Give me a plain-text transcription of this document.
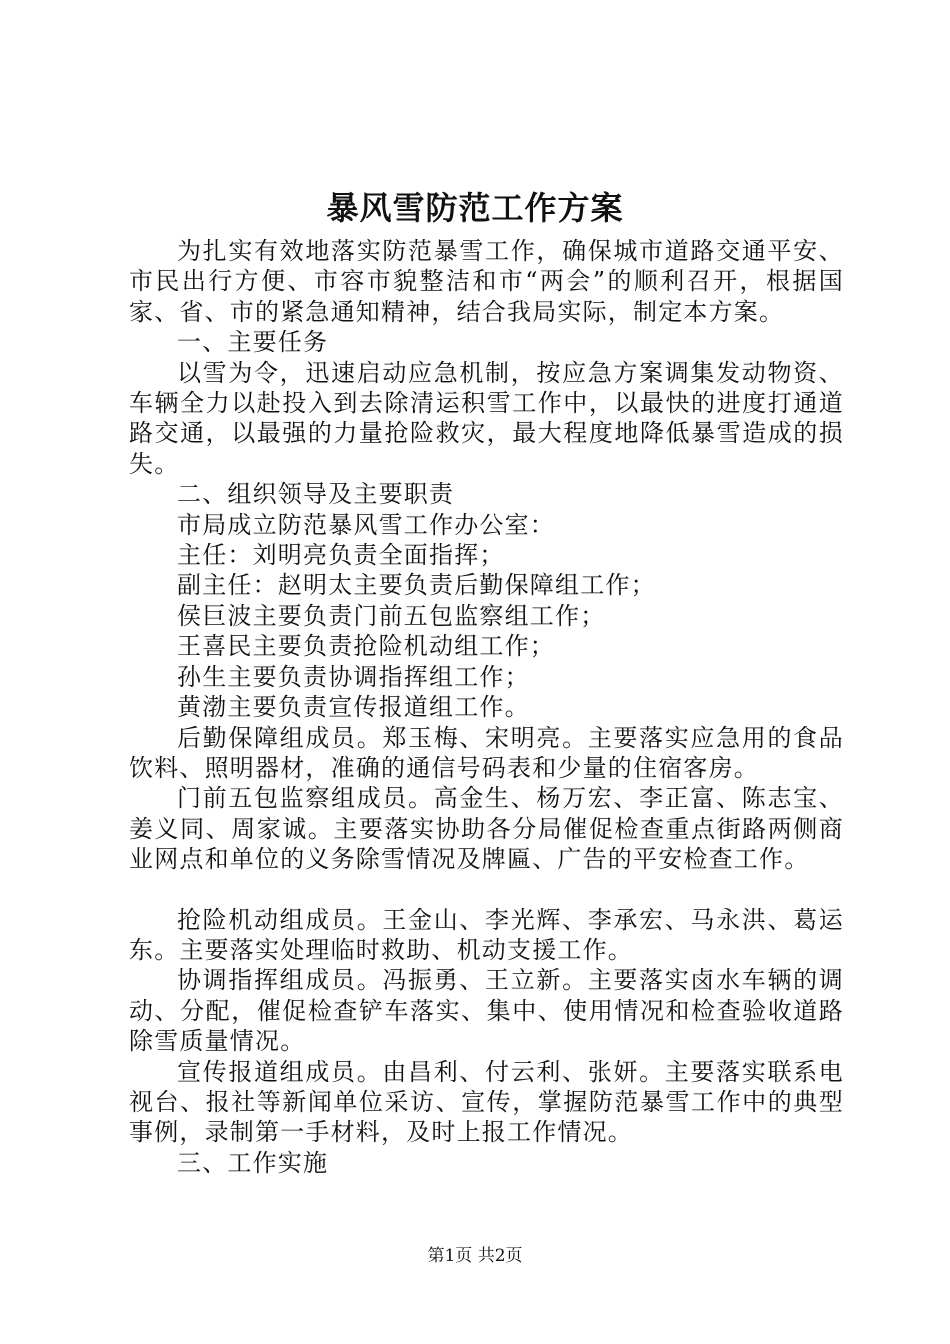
暴风雪防范工作方案

为扎实有效地落实防范暴雪工作，确保城市道路交通平安、市民出行方便、市容市貌整洁和市“两会”的顺利召开，根据国家、省、市的紧急通知精神，结合我局实际，制定本方案。

一、主要任务

以雪为令，迅速启动应急机制，按应急方案调集发动物资、车辆全力以赴投入到去除清运积雪工作中，以最快的进度打通道路交通，以最强的力量抢险救灾，最大程度地降低暴雪造成的损失。

二、组织领导及主要职责

市局成立防范暴风雪工作办公室：

主任：刘明亮负责全面指挥；

副主任：赵明太主要负责后勤保障组工作；

侯巨波主要负责门前五包监察组工作；

王喜民主要负责抢险机动组工作；

孙生主要负责协调指挥组工作；

黄渤主要负责宣传报道组工作。

后勤保障组成员。郑玉梅、宋明亮。主要落实应急用的食品饮料、照明器材，准确的通信号码表和少量的住宿客房。

门前五包监察组成员。高金生、杨万宏、李正富、陈志宝、姜义同、周家诚。主要落实协助各分局催促检查重点街路两侧商业网点和单位的义务除雪情况及牌匾、广告的平安检查工作。

抢险机动组成员。王金山、李光辉、李承宏、马永洪、葛运东。主要落实处理临时救助、机动支援工作。

协调指挥组成员。冯振勇、王立新。主要落实卤水车辆的调动、分配，催促检查铲车落实、集中、使用情况和检查验收道路除雪质量情况。

宣传报道组成员。由昌利、付云利、张妍。主要落实联系电视台、报社等新闻单位采访、宣传，掌握防范暴雪工作中的典型事例，录制第一手材料，及时上报工作情况。

三、工作实施

第1页 共2页
